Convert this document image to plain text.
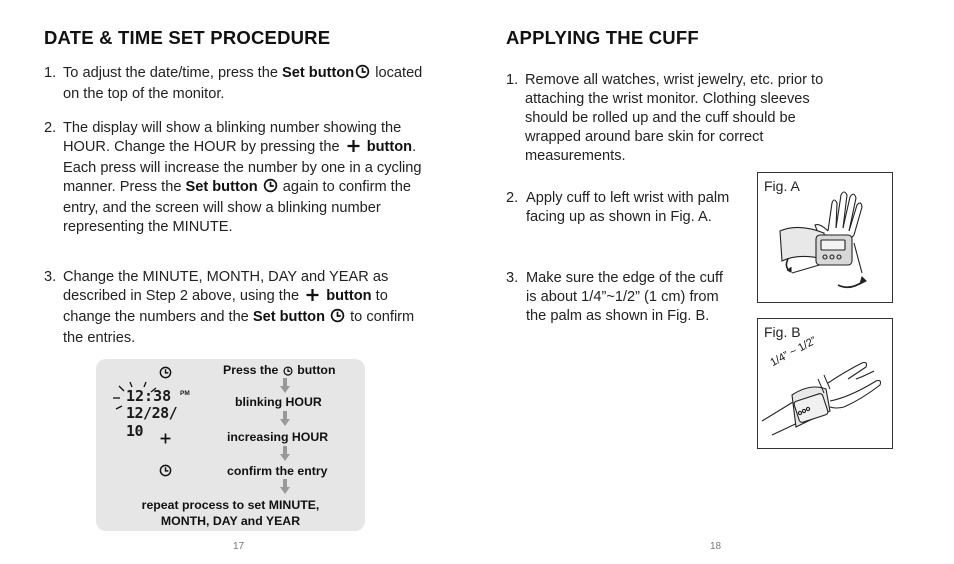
DATE & TIME SET PROCEDURE
1. To adjust the date/time, press the Set button located on the top of the monitor.
2. The display will show a blinking number showing the HOUR. Change the HOUR by pressing the  button. Each press will increase the number by one in a cycling manner. Press the Set button  again to confirm the entry, and the screen will show a blinking number representing the MINUTE.
3. Change the MINUTE, MONTH, DAY and YEAR as described in Step 2 above, using the  button to change the numbers and the Set button  to confirm the entries.
12:38 PM
12/28/ 10
Press the button
blinking HOUR
increasing HOUR
confirm the entry
repeat process to set MINUTE,
MONTH, DAY and YEAR
17
APPLYING THE CUFF
1. Remove all watches, wrist jewelry, etc. prior to attaching the wrist monitor. Clothing sleeves should be rolled up and the cuff should be wrapped around bare skin for correct measurements.
2. Apply cuff to left wrist with palm facing up as shown in Fig. A.
3. Make sure the edge of the cuff is about 1/4”~1/2” (1 cm) from the palm as shown in Fig. B.
Fig. A
Fig. B
1/4” ~ 1/2”
18
